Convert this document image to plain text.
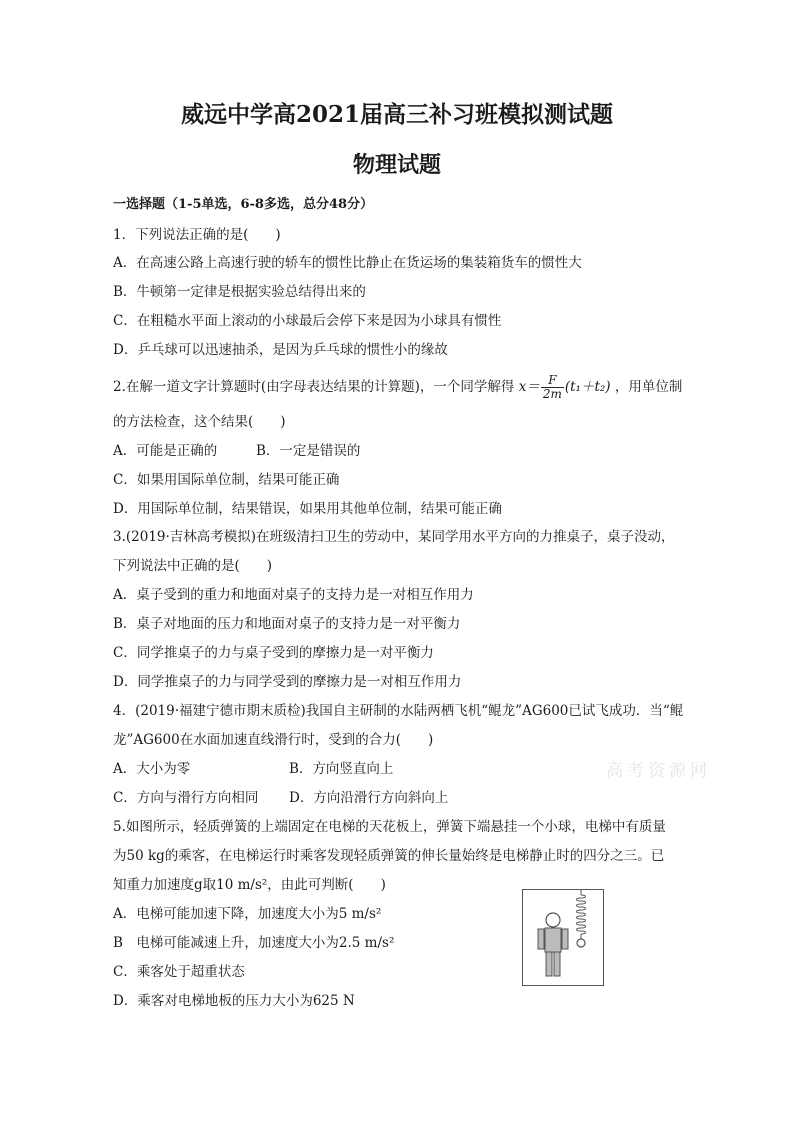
威远中学高2021届高三补习班模拟测试题
物理试题
一选择题（1-5单选，6-8多选，总分48分）
1．下列说法正确的是(　　)
A．在高速公路上高速行驶的轿车的惯性比静止在货运场的集装箱货车的惯性大
B．牛顿第一定律是根据实验总结得出来的
C．在粗糙水平面上滚动的小球最后会停下来是因为小球具有惯性
D．乒乓球可以迅速抽杀，是因为乒乓球的惯性小的缘故
2.在解一道文字计算题时(由字母表达结果的计算题)，一个同学解得 $x= \frac{F}{2m} (t_1+t_2)$ ，用单位制
的方法检查，这个结果(　　)
A．可能是正确的	B．一定是错误的
C．如果用国际单位制，结果可能正确
D．用国际单位制，结果错误，如果用其他单位制，结果可能正确
3.(2019·吉林高考模拟)在班级清扫卫生的劳动中，某同学用水平方向的力推桌子，桌子没动，
下列说法中正确的是(　　)
A．桌子受到的重力和地面对桌子的支持力是一对相互作用力
B．桌子对地面的压力和地面对桌子的支持力是一对平衡力
C．同学推桌子的力与桌子受到的摩擦力是一对平衡力
D．同学推桌子的力与同学受到的摩擦力是一对相互作用力
4．(2019·福建宁德市期末质检)我国自主研制的水陆两栖飞机“鲲龙”AG600已试飞成功．当“鲲
龙”AG600在水面加速直线滑行时，受到的合力(　　)
A．大小为零	B．方向竖直向上
C．方向与滑行方向相同 D．方向沿滑行方向斜向上
高考资源网
5.如图所示，轻质弹簧的上端固定在电梯的天花板上，弹簧下端悬挂一个小球，电梯中有质量
为50 kg的乘客，在电梯运行时乘客发现轻质弹簧的伸长量始终是电梯静止时的四分之三。已
知重力加速度g取10 m/s²，由此可判断(　　)
A．电梯可能加速下降，加速度大小为5 m/s²
B　电梯可能减速上升，加速度大小为2.5 m/s²
C．乘客处于超重状态
D．乘客对电梯地板的压力大小为625 N
